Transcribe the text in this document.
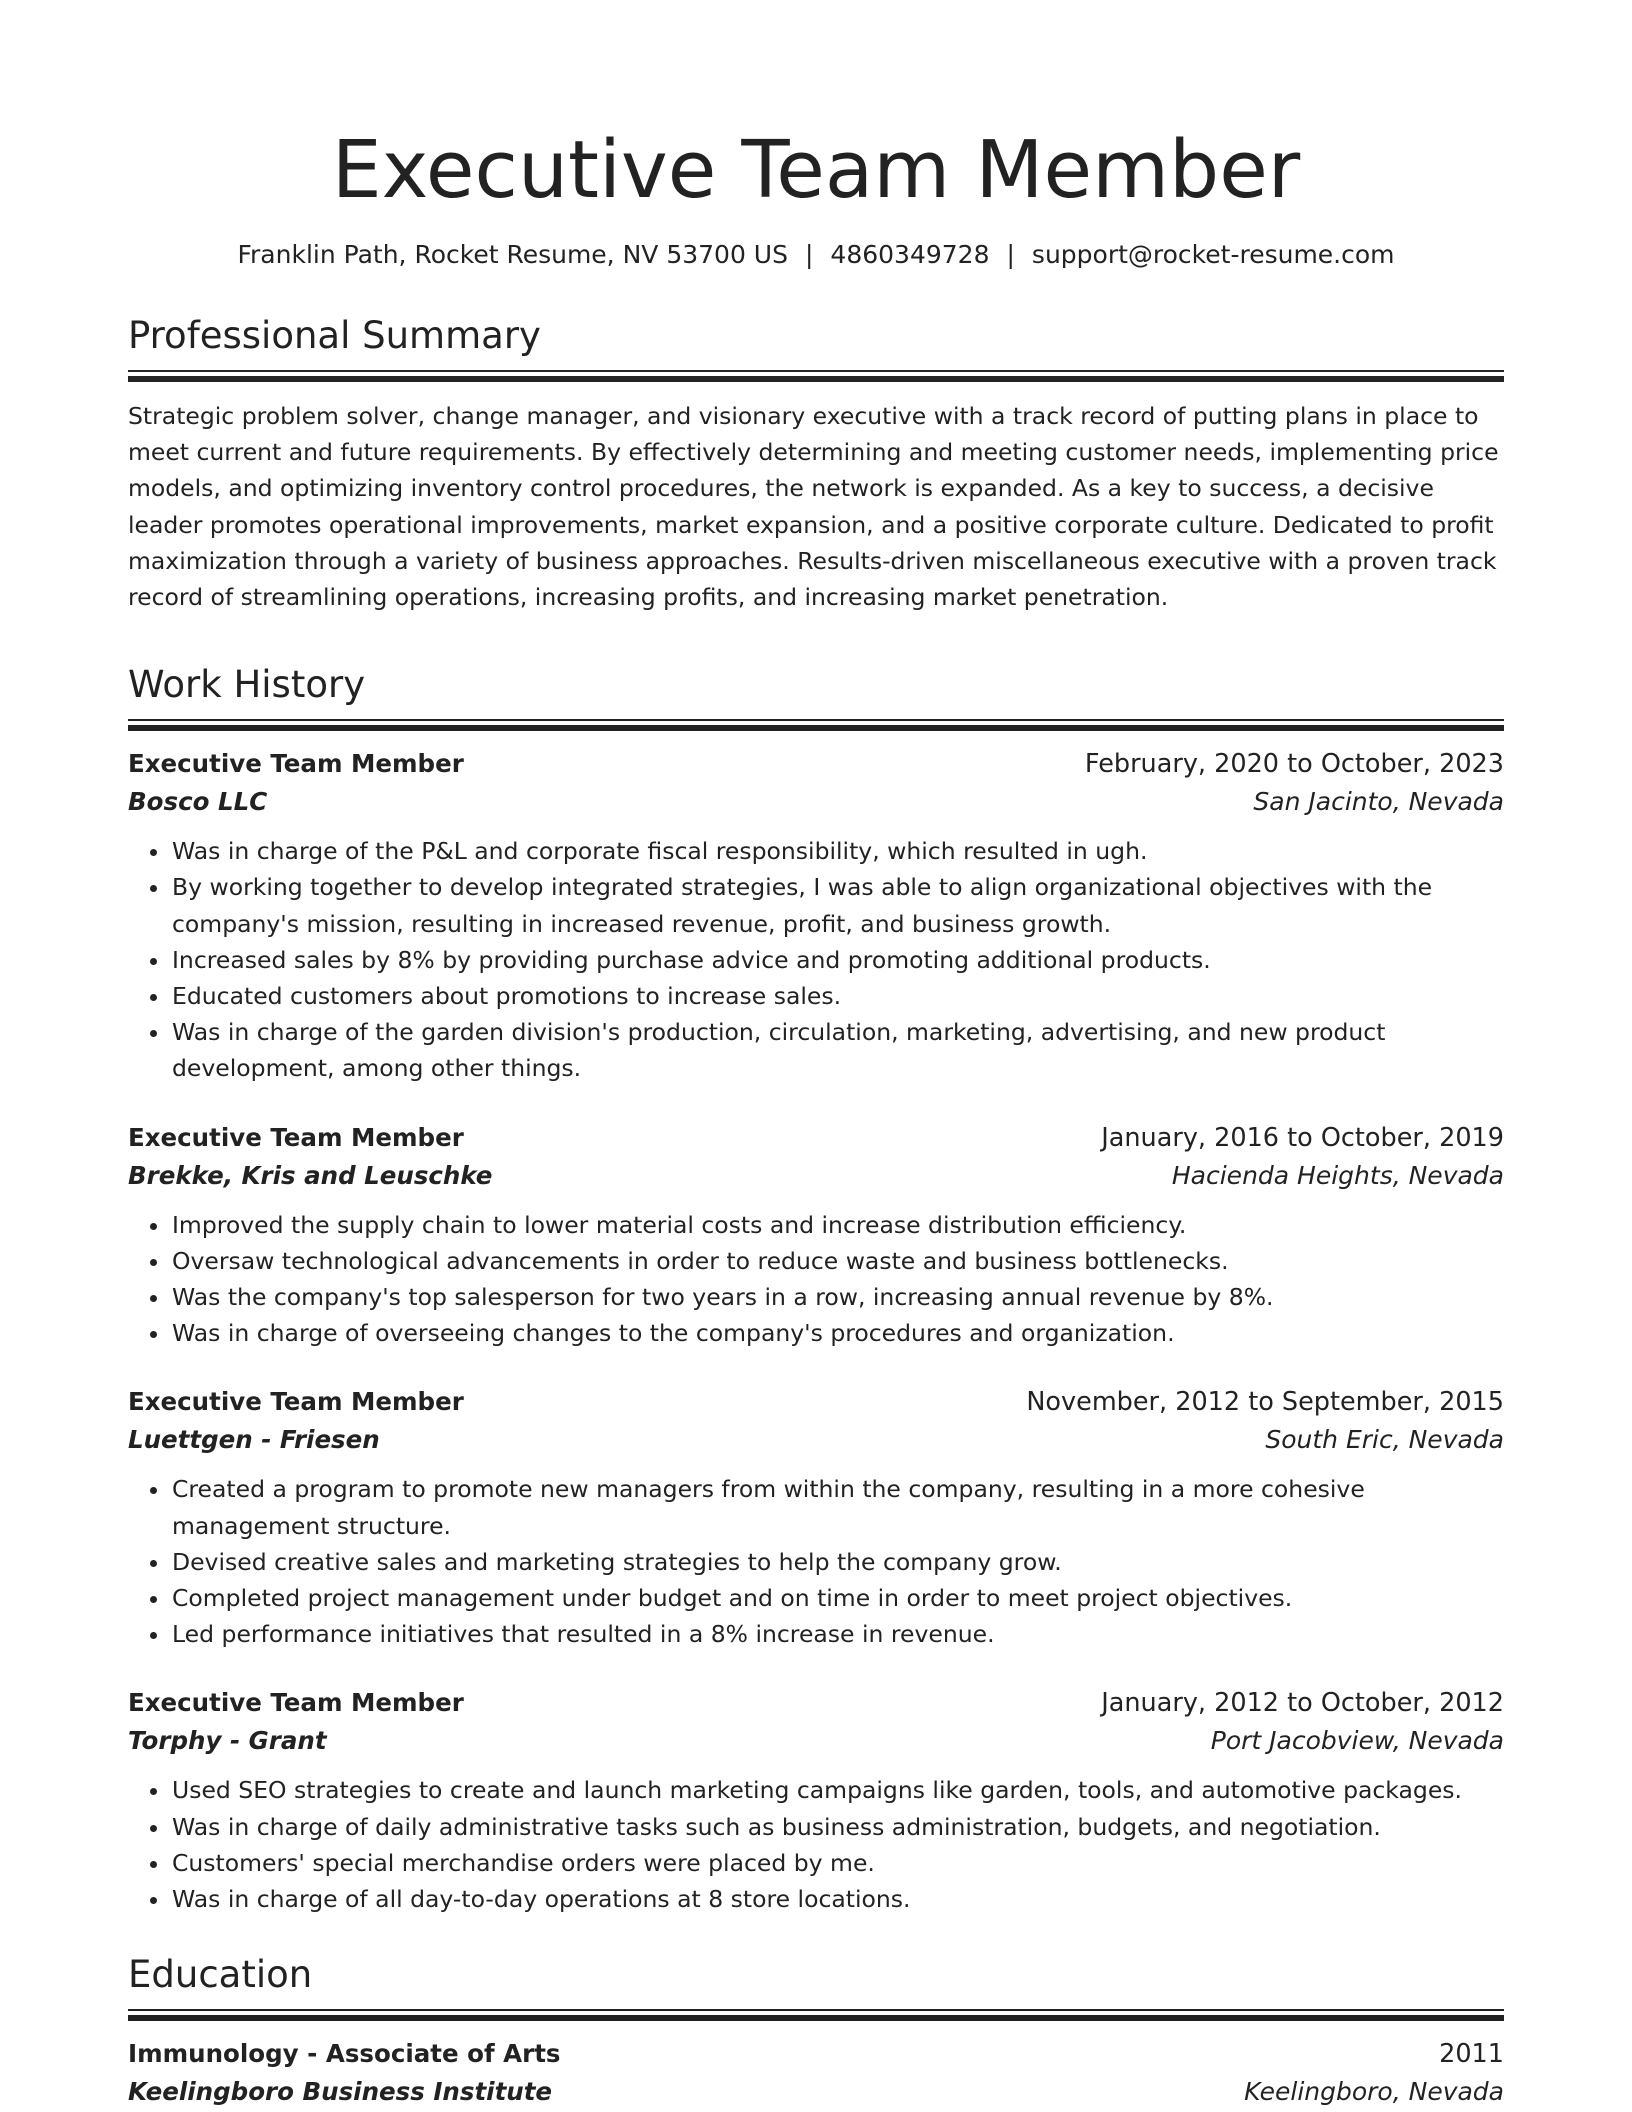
Executive Team Member
Franklin Path, Rocket Resume, NV 53700 US | 4860349728 | support@rocket-resume.com
Professional Summary

Strategic problem solver, change manager, and visionary executive with a track record of putting plans in place to meet current and future requirements. By effectively determining and meeting customer needs, implementing price models, and optimizing inventory control procedures, the network is expanded. As a key to success, a decisive leader promotes operational improvements, market expansion, and a positive corporate culture. Dedicated to profit maximization through a variety of business approaches. Results-driven miscellaneous executive with a proven track record of streamlining operations, increasing profits, and increasing market penetration.

Work History
Executive Team Member	February, 2020 to October, 2023
Bosco LLC	San Jacinto, Nevada
• Was in charge of the P&L and corporate fiscal responsibility, which resulted in ugh.
• By working together to develop integrated strategies, I was able to align organizational objectives with the company's mission, resulting in increased revenue, profit, and business growth.
• Increased sales by 8% by providing purchase advice and promoting additional products.
• Educated customers about promotions to increase sales.
• Was in charge of the garden division's production, circulation, marketing, advertising, and new product development, among other things.
Executive Team Member	January, 2016 to October, 2019
Brekke, Kris and Leuschke	Hacienda Heights, Nevada
• Improved the supply chain to lower material costs and increase distribution efficiency.
• Oversaw technological advancements in order to reduce waste and business bottlenecks.
• Was the company's top salesperson for two years in a row, increasing annual revenue by 8%.
• Was in charge of overseeing changes to the company's procedures and organization.
Executive Team Member	November, 2012 to September, 2015
Luettgen - Friesen	South Eric, Nevada
• Created a program to promote new managers from within the company, resulting in a more cohesive management structure.
• Devised creative sales and marketing strategies to help the company grow.
• Completed project management under budget and on time in order to meet project objectives.
• Led performance initiatives that resulted in a 8% increase in revenue.
Executive Team Member	January, 2012 to October, 2012
Torphy - Grant	Port Jacobview, Nevada
• Used SEO strategies to create and launch marketing campaigns like garden, tools, and automotive packages.
• Was in charge of daily administrative tasks such as business administration, budgets, and negotiation.
• Customers' special merchandise orders were placed by me.
• Was in charge of all day-to-day operations at 8 store locations.
Education
Immunology - Associate of Arts	2011
Keelingboro Business Institute	Keelingboro, Nevada
